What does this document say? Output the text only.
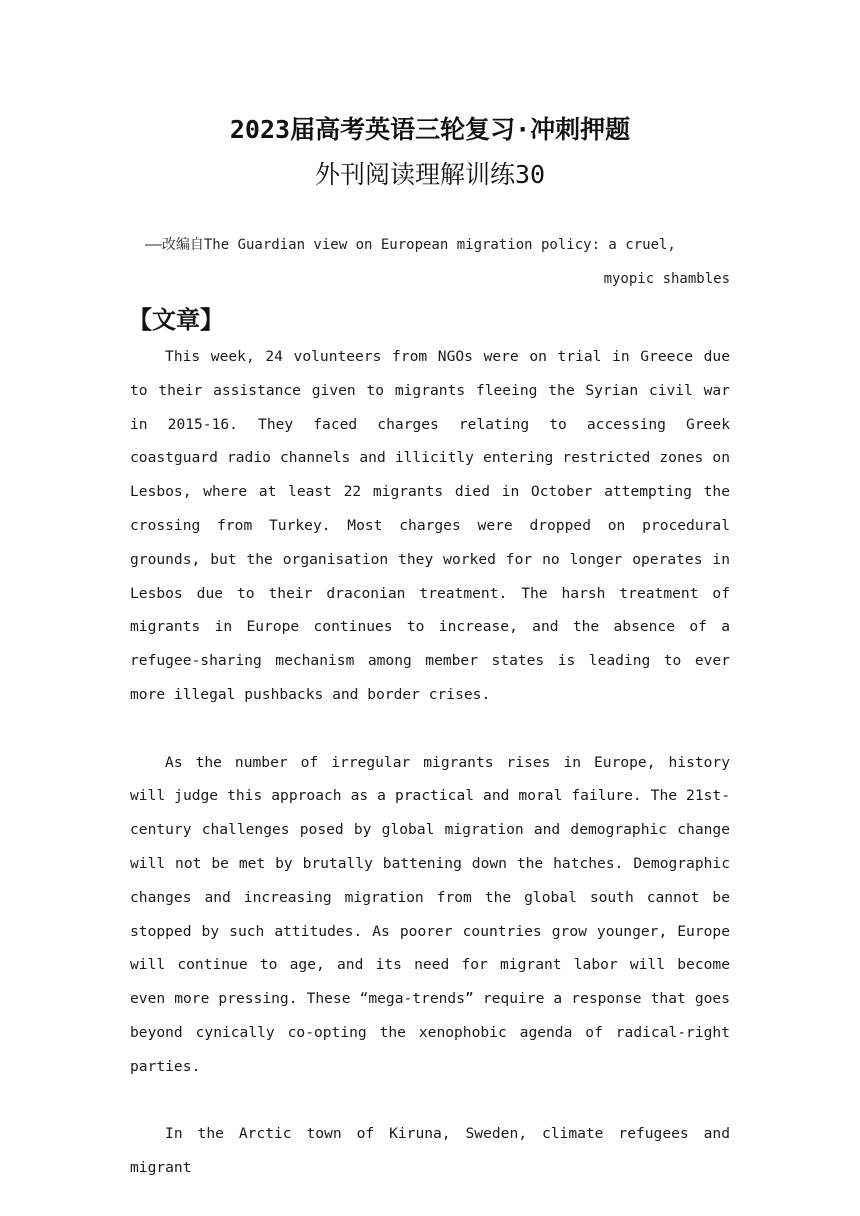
2023届高考英语三轮复习·冲刺押题
外刊阅读理解训练30
——改编自The Guardian view on European migration policy: a cruel,
myopic shambles
【文章】

This week, 24 volunteers from NGOs were on trial in Greece due to their assistance given to migrants fleeing the Syrian civil war in 2015-16. They faced charges relating to accessing Greek coastguard radio channels and illicitly entering restricted zones on Lesbos, where at least 22 migrants died in October attempting the crossing from Turkey. Most charges were dropped on procedural grounds, but the organisation they worked for no longer operates in Lesbos due to their draconian treatment. The harsh treatment of migrants in Europe continues to increase, and the absence of a refugee-sharing mechanism among member states is leading to ever more illegal pushbacks and border crises.

As the number of irregular migrants rises in Europe, history will judge this approach as a practical and moral failure. The 21st-century challenges posed by global migration and demographic change will not be met by brutally battening down the hatches. Demographic changes and increasing migration from the global south cannot be stopped by such attitudes. As poorer countries grow younger, Europe will continue to age, and its need for migrant labor will become even more pressing. These “mega-trends” require a response that goes beyond cynically co-opting the xenophobic agenda of radical-right parties.

In the Arctic town of Kiruna, Sweden, climate refugees and migrant
